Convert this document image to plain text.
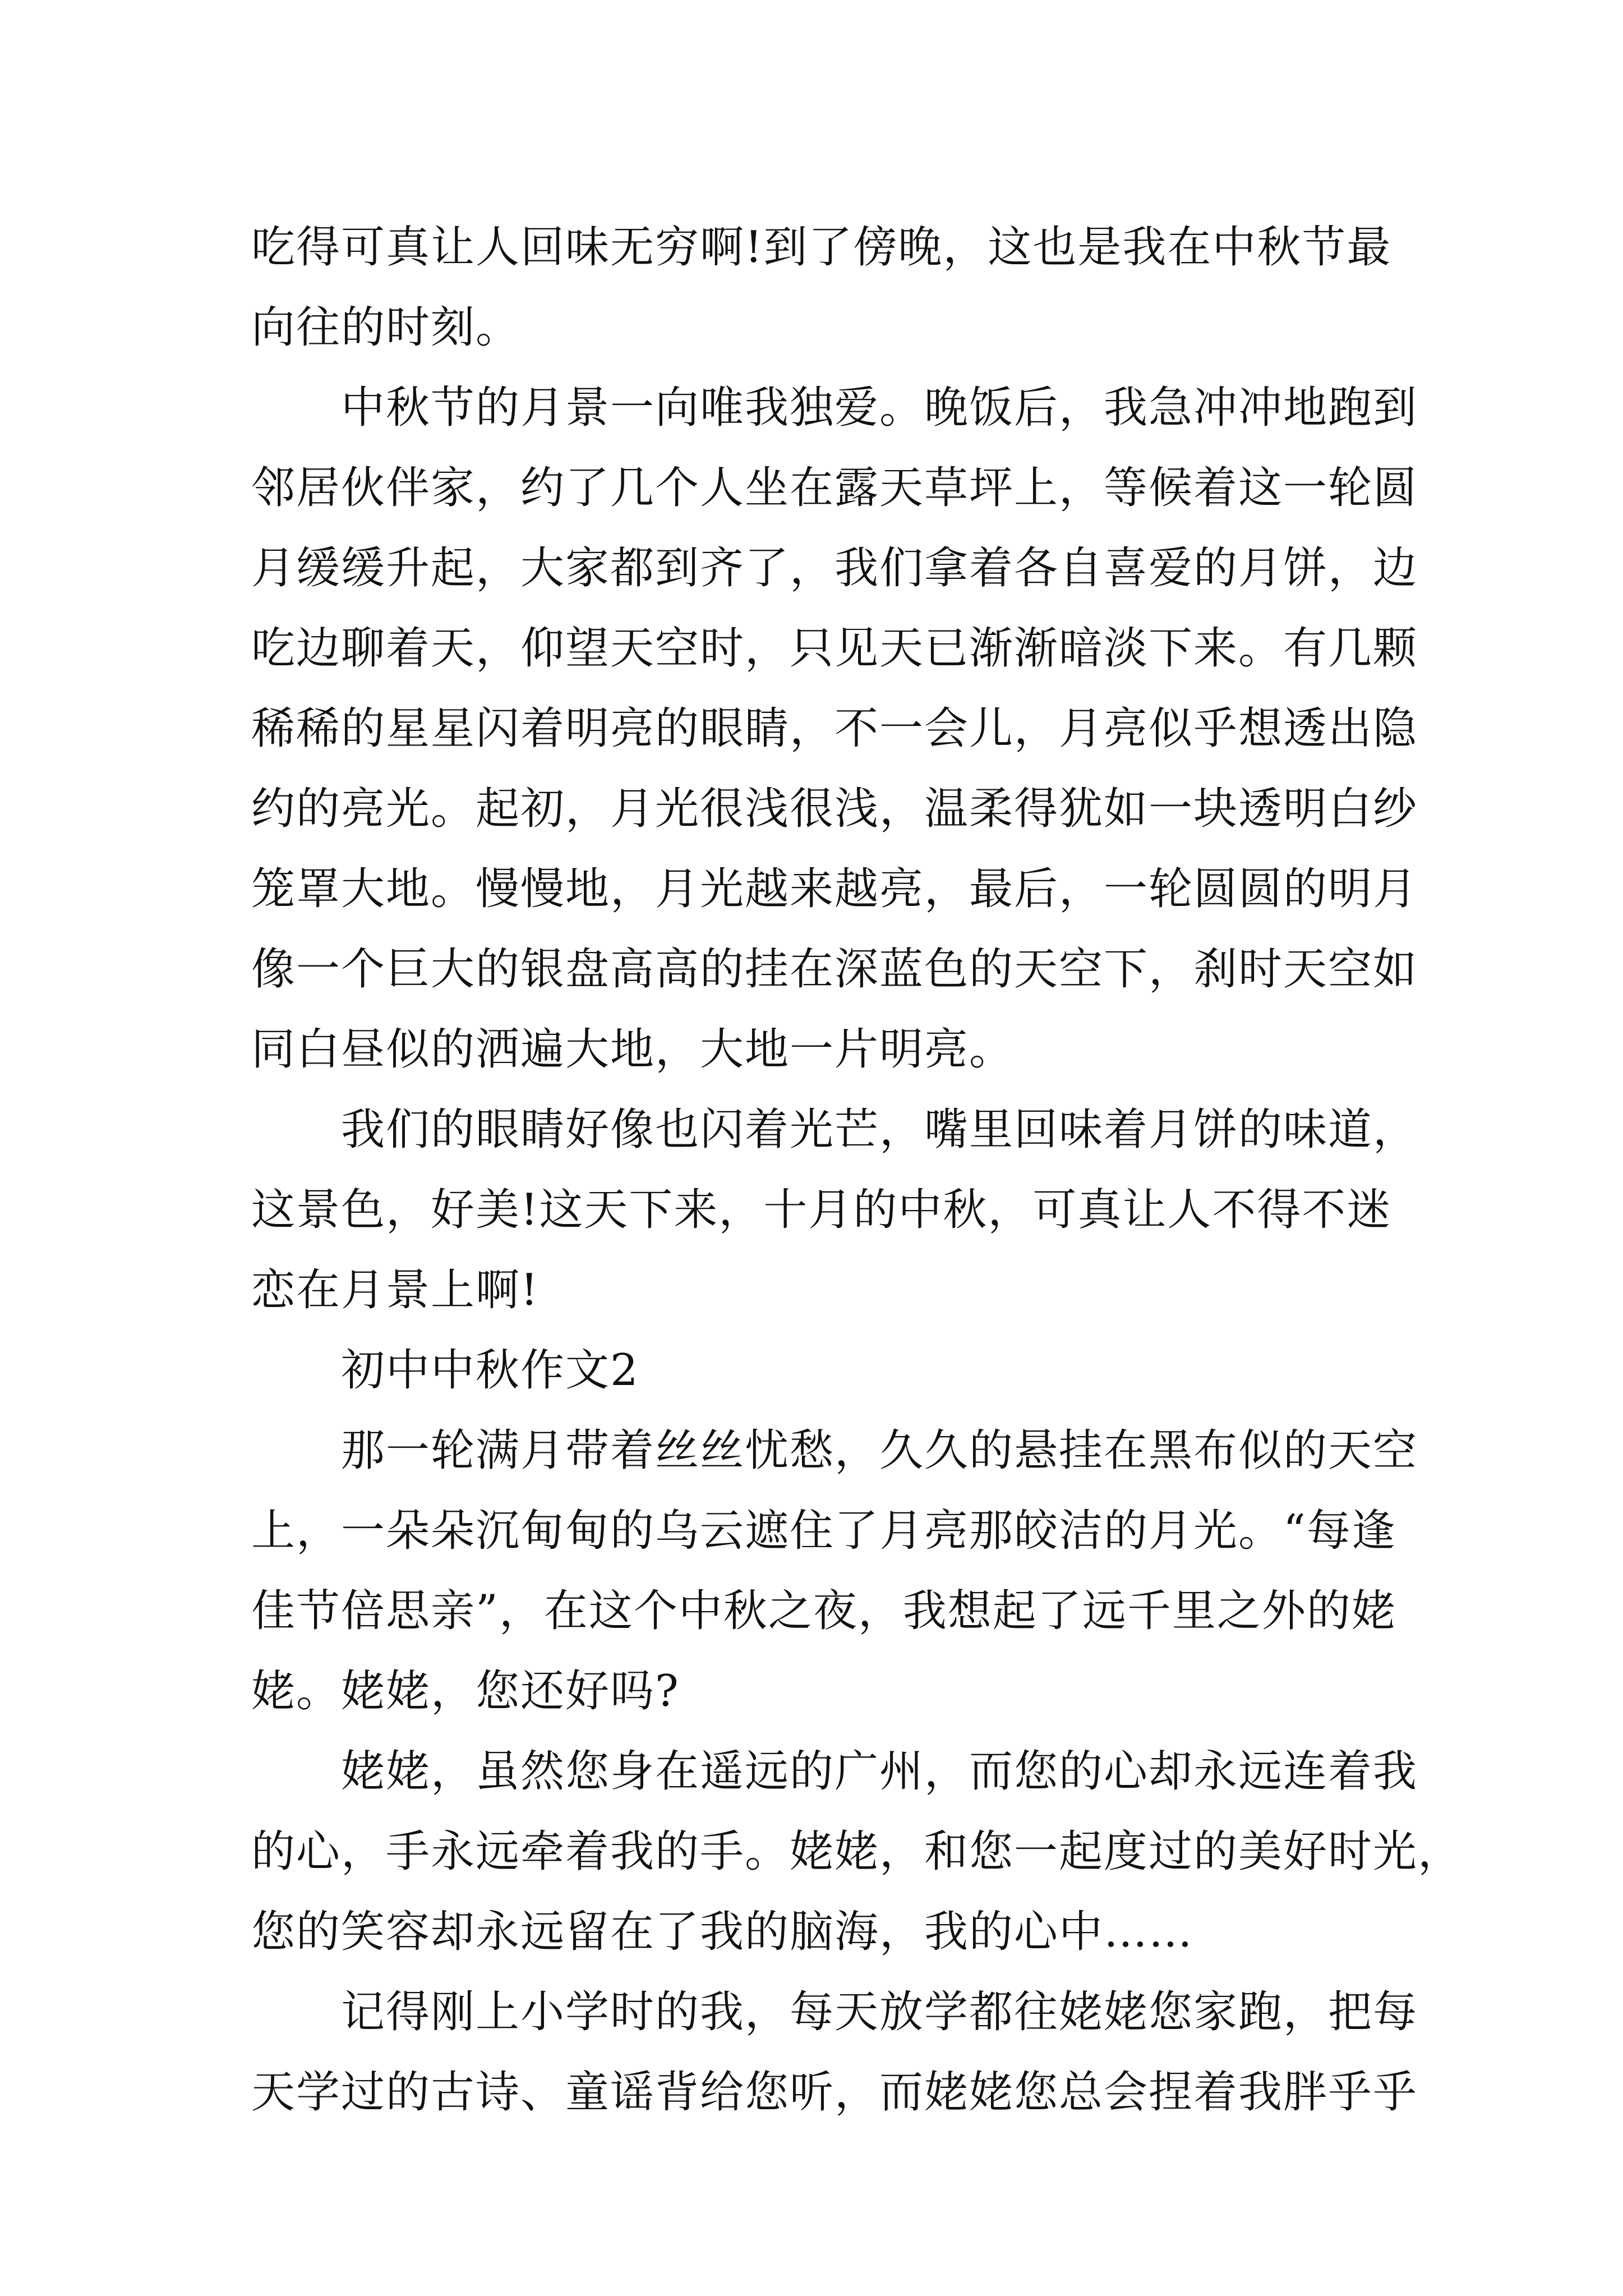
吃得可真让人回味无穷啊!到了傍晚，这也是我在中秋节最
向往的时刻。
中秋节的月景一向唯我独爱。晚饭后，我急冲冲地跑到
邻居伙伴家，约了几个人坐在露天草坪上，等候着这一轮圆
月缓缓升起，大家都到齐了，我们拿着各自喜爱的月饼，边
吃边聊着天，仰望天空时，只见天已渐渐暗淡下来。有几颗
稀稀的星星闪着明亮的眼睛，不一会儿，月亮似乎想透出隐
约的亮光。起初，月光很浅很浅，温柔得犹如一块透明白纱
笼罩大地。慢慢地，月光越来越亮，最后，一轮圆圆的明月
像一个巨大的银盘高高的挂在深蓝色的天空下，刹时天空如
同白昼似的洒遍大地，大地一片明亮。
我们的眼睛好像也闪着光芒，嘴里回味着月饼的味道，
这景色，好美!这天下来，十月的中秋，可真让人不得不迷
恋在月景上啊!
初中中秋作文2
那一轮满月带着丝丝忧愁，久久的悬挂在黑布似的天空
上，一朵朵沉甸甸的乌云遮住了月亮那皎洁的月光。“每逢
佳节倍思亲”，在这个中秋之夜，我想起了远千里之外的姥
姥。姥姥，您还好吗?
姥姥，虽然您身在遥远的广州，而您的心却永远连着我
的心，手永远牵着我的手。姥姥，和您一起度过的美好时光，
您的笑容却永远留在了我的脑海，我的心中……
记得刚上小学时的我，每天放学都往姥姥您家跑，把每
天学过的古诗、童谣背给您听，而姥姥您总会捏着我胖乎乎
